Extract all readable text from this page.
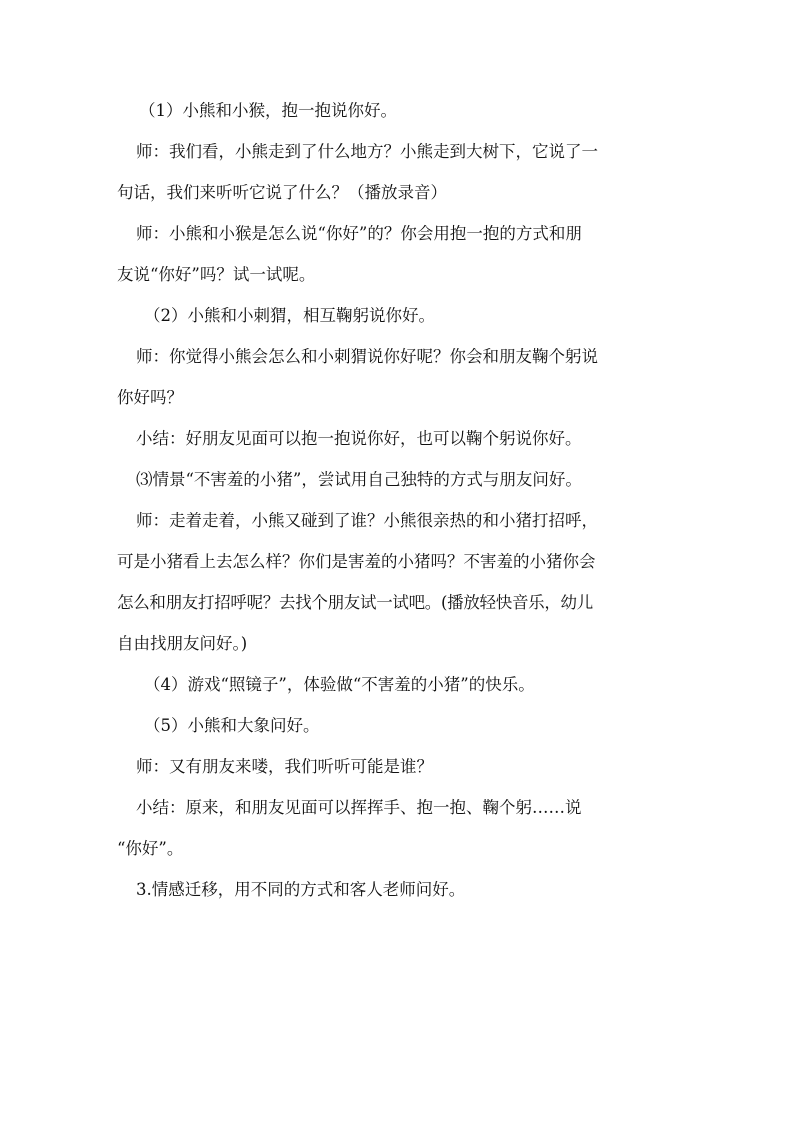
（1）小熊和小猴，抱一抱说你好。

师：我们看，小熊走到了什么地方？小熊走到大树下，它说了一

句话，我们来听听它说了什么？（播放录音）

师：小熊和小猴是怎么说“你好”的？你会用抱一抱的方式和朋

友说“你好”吗？试一试呢。

（2）小熊和小刺猬，相互鞠躬说你好。

师：你觉得小熊会怎么和小刺猬说你好呢？你会和朋友鞠个躬说

你好吗？

小结：好朋友见面可以抱一抱说你好，也可以鞠个躬说你好。

⑶情景“不害羞的小猪”，尝试用自己独特的方式与朋友问好。

师：走着走着，小熊又碰到了谁？小熊很亲热的和小猪打招呼，

可是小猪看上去怎么样？你们是害羞的小猪吗？不害羞的小猪你会

怎么和朋友打招呼呢？去找个朋友试一试吧。(播放轻快音乐，幼儿

自由找朋友问好。)

（4）游戏“照镜子”，体验做“不害羞的小猪”的快乐。

（5）小熊和大象问好。

师：又有朋友来喽，我们听听可能是谁？

小结：原来，和朋友见面可以挥挥手、抱一抱、鞠个躬……说

“你好”。

3.情感迁移，用不同的方式和客人老师问好。
